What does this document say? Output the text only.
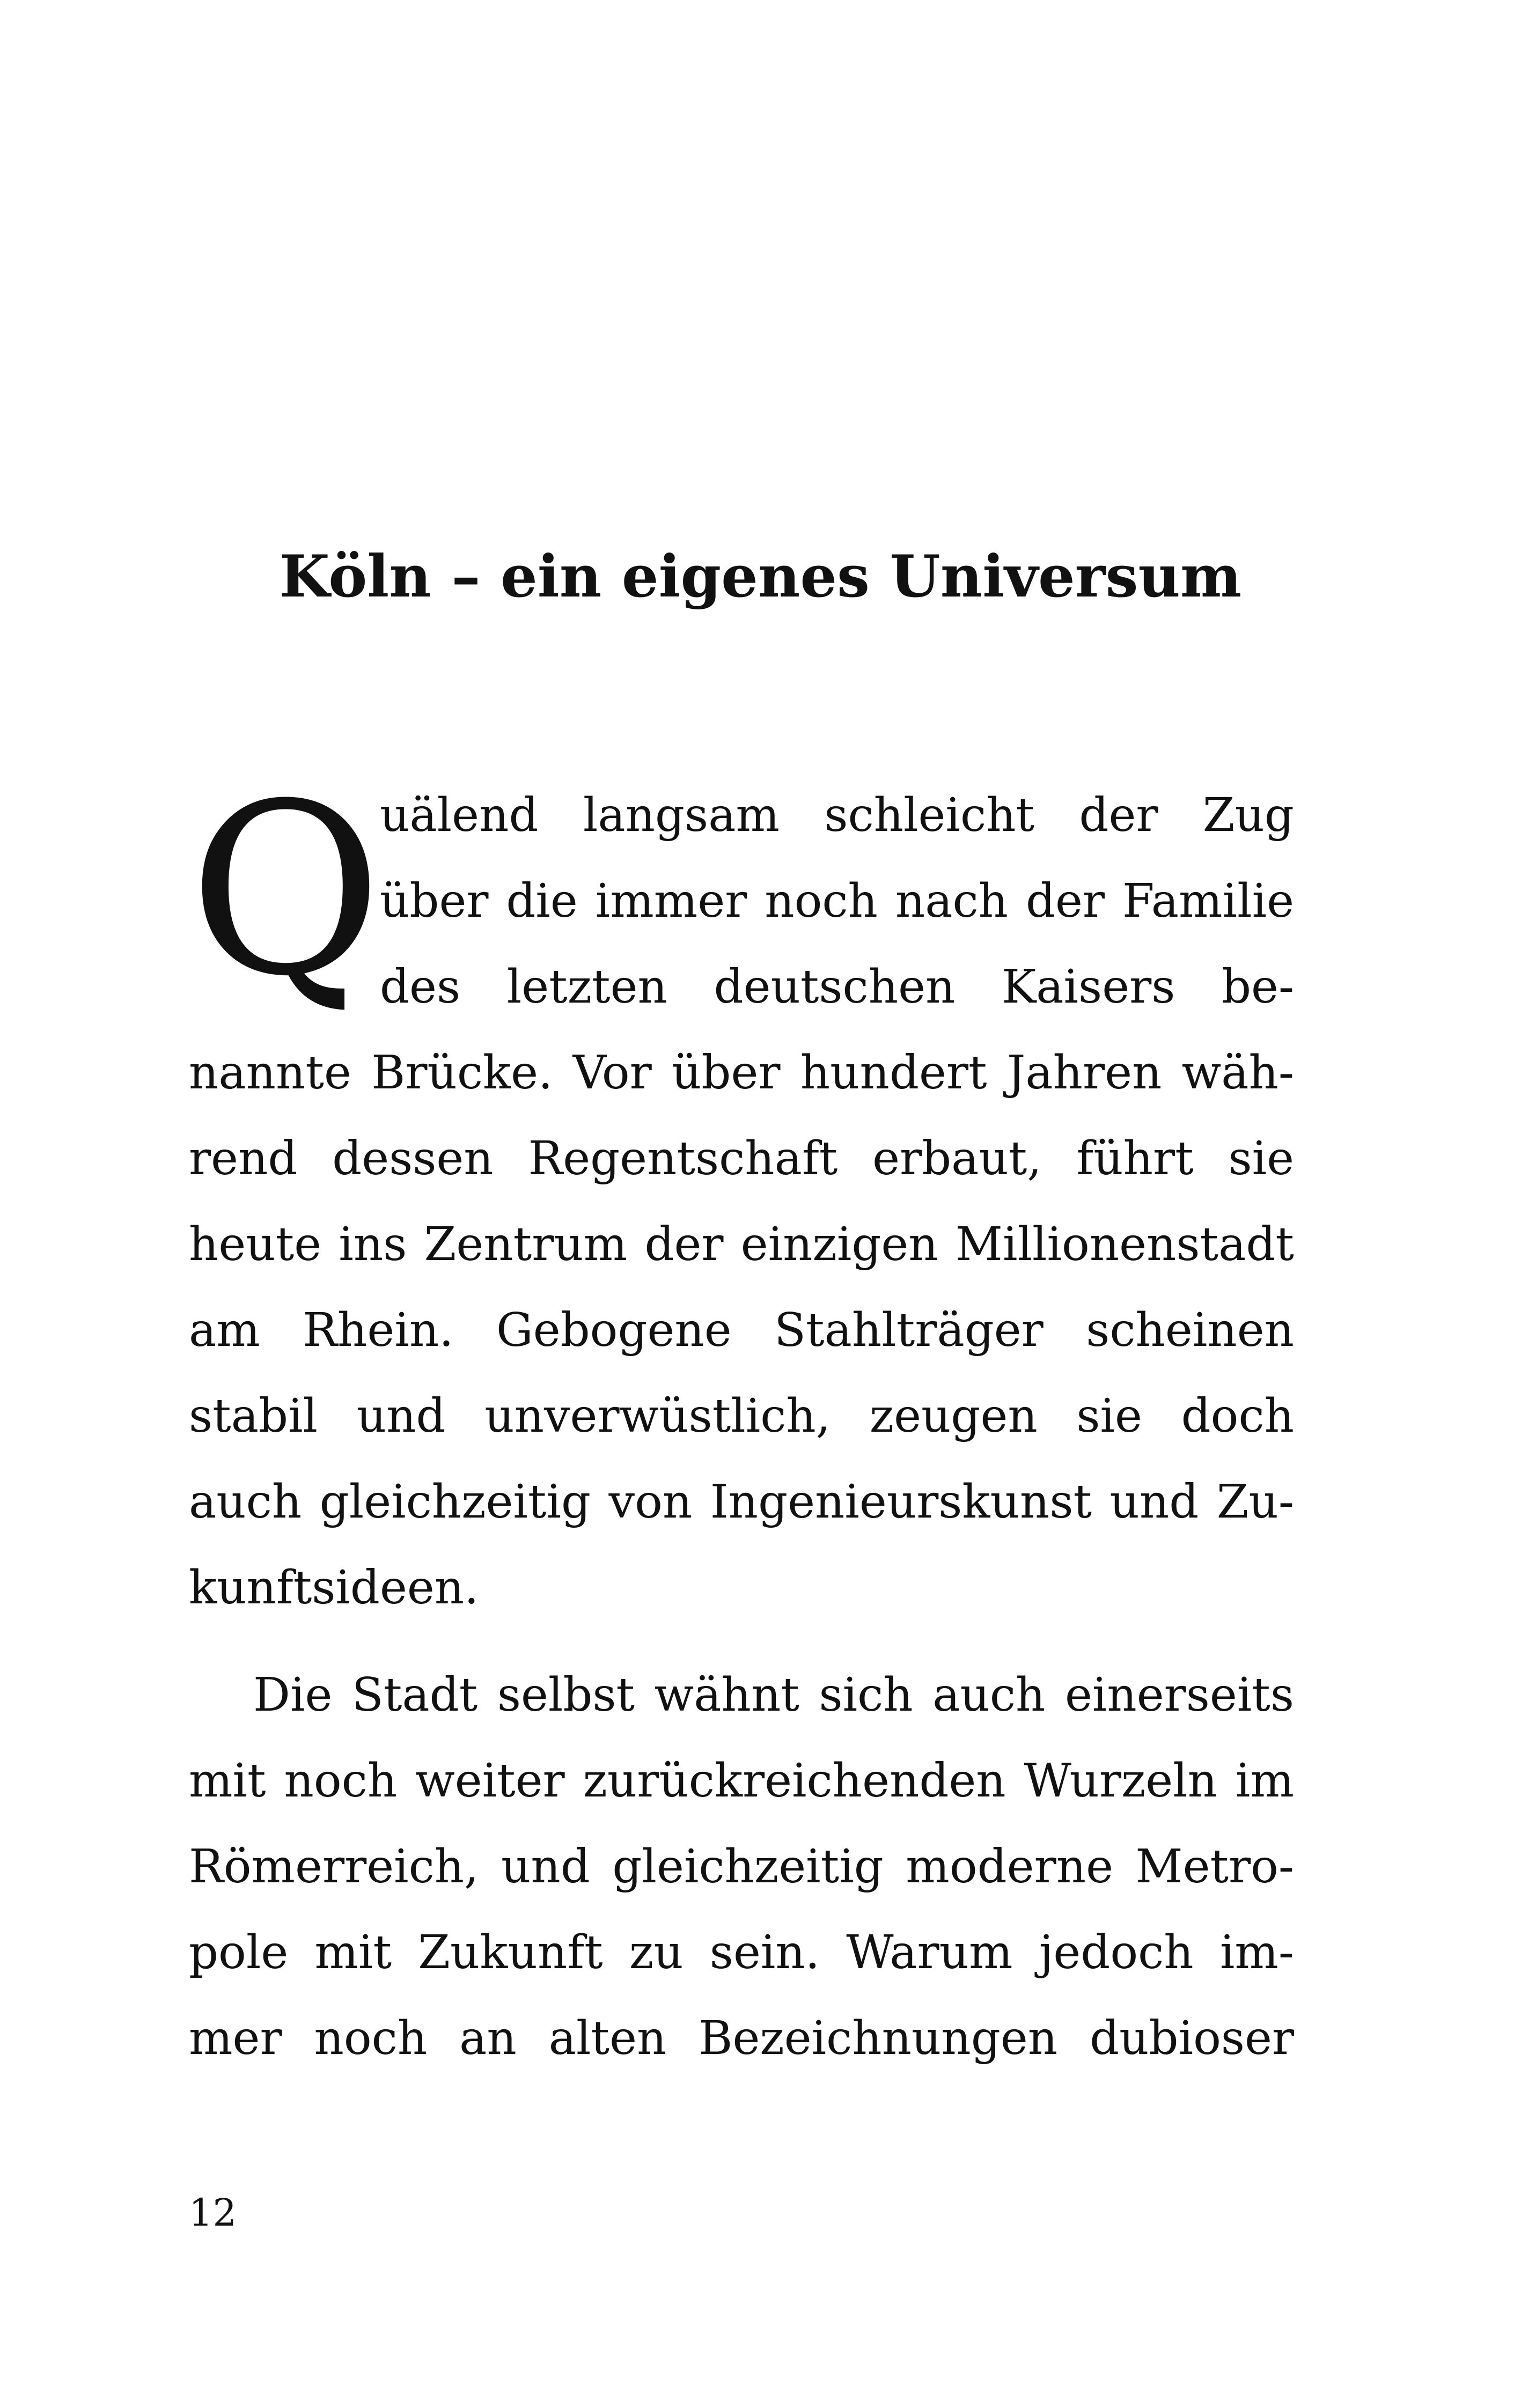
Köln – ein eigenes Universum
Q
uälend langsam schleicht der Zug
über die immer noch nach der Familie
des letzten deutschen Kaisers be-
nannte Brücke. Vor über hundert Jahren wäh-
rend dessen Regentschaft erbaut, führt sie
heute ins Zentrum der einzigen Millionenstadt
am Rhein. Gebogene Stahlträger scheinen
stabil und unverwüstlich, zeugen sie doch
auch gleichzeitig von Ingenieurskunst und Zu-
kunftsideen.
Die Stadt selbst wähnt sich auch einerseits
mit noch weiter zurückreichenden Wurzeln im
Römerreich, und gleichzeitig moderne Metro-
pole mit Zukunft zu sein. Warum jedoch im-
mer noch an alten Bezeichnungen dubioser
12
